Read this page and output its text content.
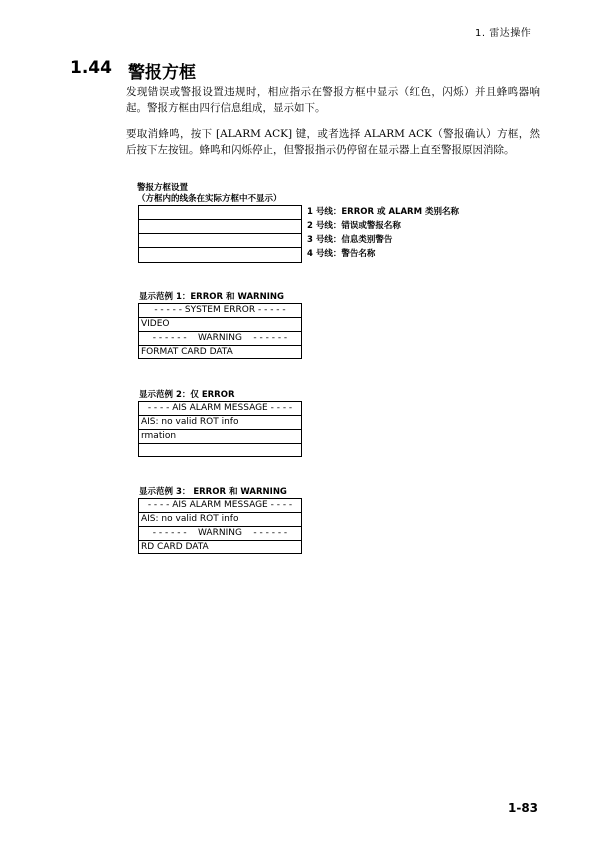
1. 雷达操作
1.44 警报方框
发现错误或警报设置违规时，相应指示在警报方框中显示（红色，闪烁）并且蜂鸣器响起。警报方框由四行信息组成，显示如下。
要取消蜂鸣，按下 [ALARM ACK] 键，或者选择 ALARM ACK（警报确认）方框，然后按下左按钮。蜂鸣和闪烁停止，但警报指示仍停留在显示器上直至警报原因消除。
警报方框设置
（方框内的线条在实际方框中不显示）
1 号线：ERROR 或 ALARM 类别名称
2 号线：错误或警报名称
3 号线：信息类别警告
4 号线：警告名称
显示范例 1：ERROR 和 WARNING
- - - - - SYSTEM ERROR - - - - -
VIDEO
- - - - - -    WARNING    - - - - - -
FORMAT CARD DATA
显示范例 2：仅 ERROR
- - - - AIS ALARM MESSAGE - - - -
AIS: no valid ROT info
rmation
显示范例 3： ERROR 和 WARNING
- - - - AIS ALARM MESSAGE - - - -
AIS: no valid ROT info
- - - - - -    WARNING    - - - - - -
RD CARD DATA
1-83
